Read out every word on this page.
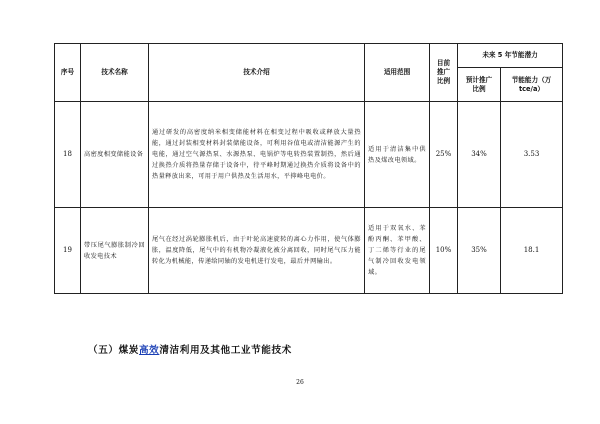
序号	技术名称	技术介绍	适用范围	目前推广比例	未来 5 年节能潜力	
					预计推广比例	节能能力（万 tce/a）
18	高密度相变储能设备	通过研发的高密度纳米相变储能材料在相变过程中吸收或释放大量热能，通过封装相变材料封装储能设备，可利用谷值电或清洁能源产生的电能，通过空气源热泵、水源热泵、电锅炉等电转热装置制热，然后通过换热介质将热量存储于设备中，待平峰时期通过换热介质将设备中的热量释放出来，可用于用户供热及生活用水，平抑峰电电价。	适用于清洁集中供热及煤改电领域。	25%	34%	3.53
19	带压尾气膨胀制冷回收发电技术	尾气在经过涡轮膨胀机后，由于叶轮高速旋转的离心力作用，使气体膨胀，温度降低，尾气中的有机物冷凝液化被分离回收，同时尾气压力能转化为机械能，传递给同轴的发电机进行发电，最后并网输出。	适用于双氧水、苯酚丙酮、苯甲酸、丁二烯等行业的尾气制冷回收发电领域。	10%	35%	18.1
（五）煤炭高效清洁利用及其他工业节能技术
26
